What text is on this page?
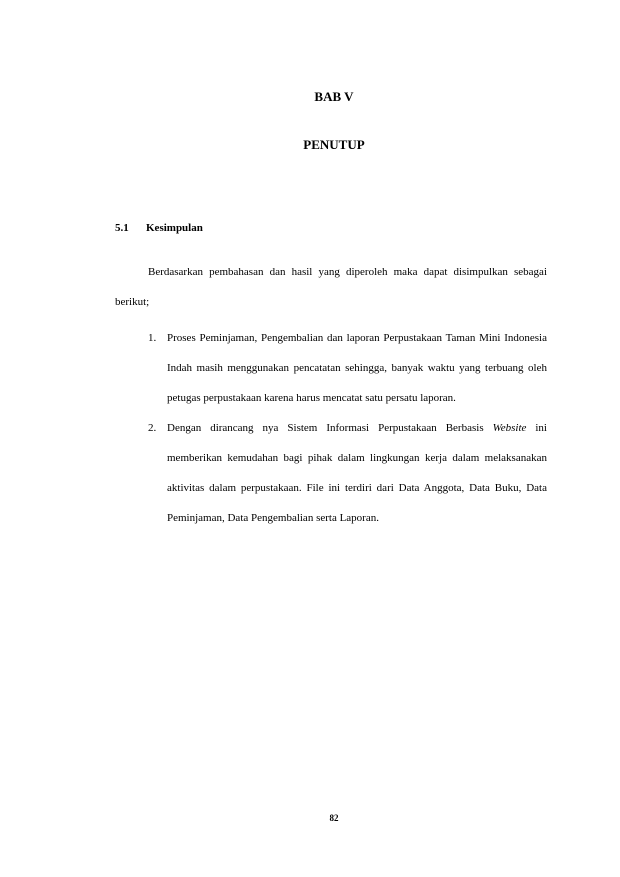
BAB V
PENUTUP
5.1 Kesimpulan

Berdasarkan pembahasan dan hasil yang diperoleh maka dapat disimpulkan sebagai berikut;

1. Proses Peminjaman, Pengembalian dan laporan Perpustakaan Taman Mini Indonesia Indah masih menggunakan pencatatan sehingga, banyak waktu yang terbuang oleh petugas perpustakaan karena harus mencatat satu persatu laporan.
2. Dengan dirancang nya Sistem Informasi Perpustakaan Berbasis Website ini memberikan kemudahan bagi pihak dalam lingkungan kerja dalam melaksanakan aktivitas dalam perpustakaan. File ini terdiri dari Data Anggota, Data Buku, Data Peminjaman, Data Pengembalian serta Laporan.
82
